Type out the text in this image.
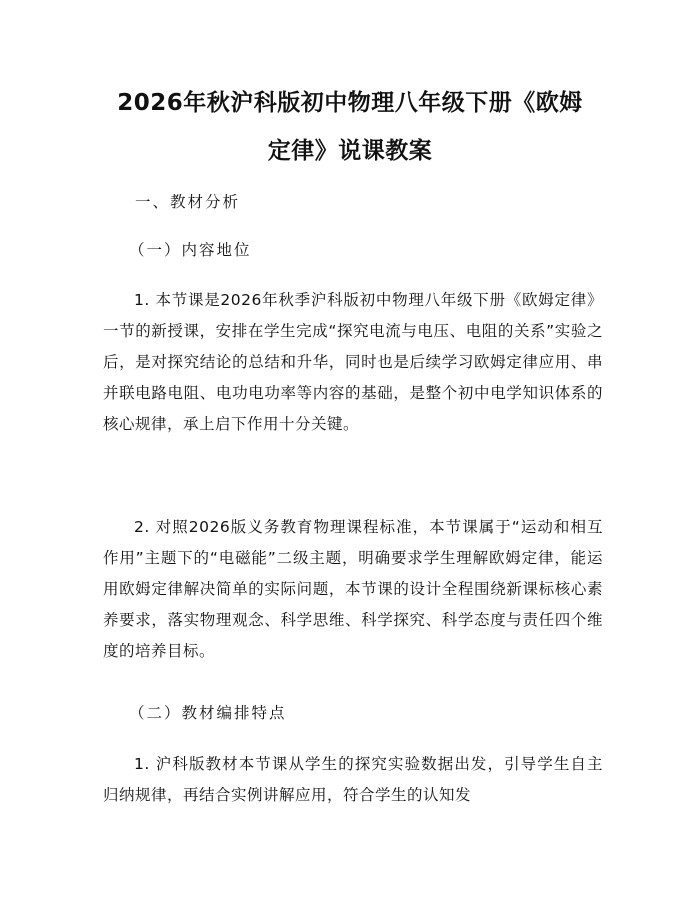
2026年秋沪科版初中物理八年级下册《欧姆
定律》说课教案
一、教材分析
（一）内容地位
1. 本节课是2026年秋季沪科版初中物理八年级下册《欧姆定律》一节的新授课，安排在学生完成“探究电流与电压、电阻的关系”实验之后，是对探究结论的总结和升华，同时也是后续学习欧姆定律应用、串并联电路电阻、电功电功率等内容的基础，是整个初中电学知识体系的核心规律，承上启下作用十分关键。
2. 对照2026版义务教育物理课程标准，本节课属于“运动和相互作用”主题下的“电磁能”二级主题，明确要求学生理解欧姆定律，能运用欧姆定律解决简单的实际问题，本节课的设计全程围绕新课标核心素养要求，落实物理观念、科学思维、科学探究、科学态度与责任四个维度的培养目标。
（二）教材编排特点
1. 沪科版教材本节课从学生的探究实验数据出发，引导学生自主归纳规律，再结合实例讲解应用，符合学生的认知发
